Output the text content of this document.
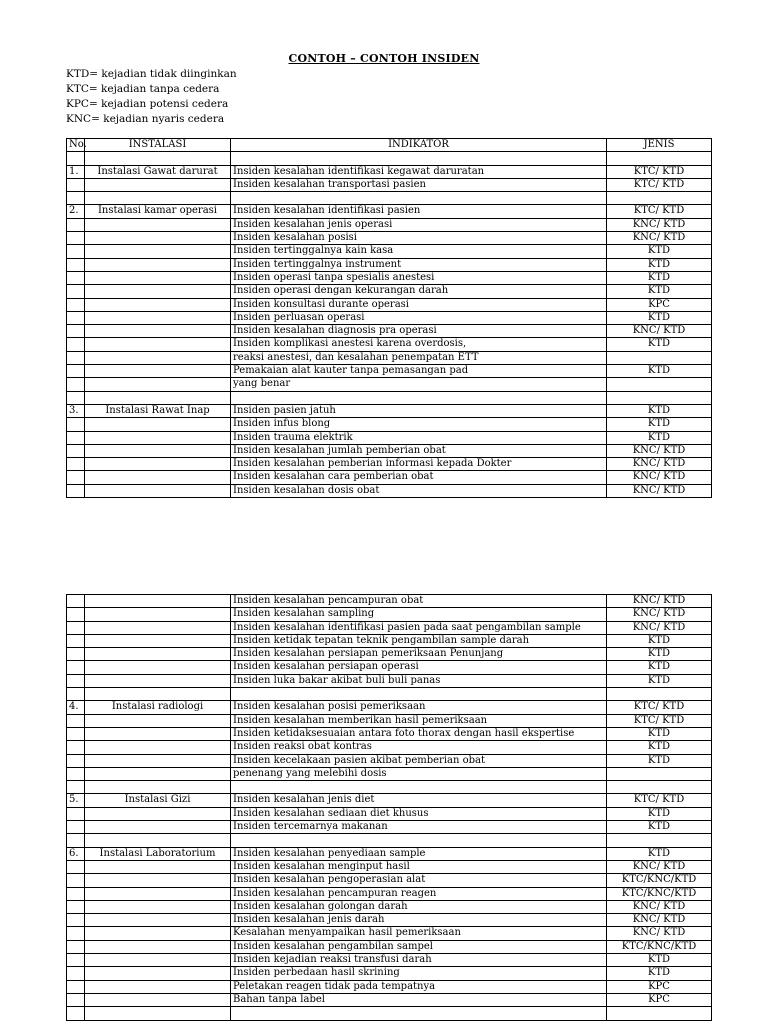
CONTOH – CONTOH INSIDEN
KTD= kejadian tidak diinginkan
KTC= kejadian tanpa cedera
KPC= kejadian potensi cedera
KNC= kejadian nyaris cedera
No.	INSTALASI	INDIKATOR	JENIS

1.	Instalasi Gawat darurat	Insiden kesalahan identifikasi kegawat daruratan	KTC/ KTD
		Insiden kesalahan transportasi pasien	KTC/ KTD

2.	Instalasi kamar operasi	Insiden kesalahan identifikasi pasien	KTC/ KTD
		Insiden kesalahan jenis operasi	KNC/ KTD
		Insiden kesalahan posisi	KNC/ KTD
		Insiden tertinggalnya kain kasa	KTD
		Insiden tertinggalnya instrument	KTD
		Insiden operasi tanpa spesialis anestesi	KTD
		Insiden operasi dengan kekurangan darah	KTD
		Insiden konsultasi durante operasi	KPC
		Insiden perluasan operasi	KTD
		Insiden kesalahan diagnosis pra operasi	KNC/ KTD
		Insiden komplikasi anestesi karena overdosis,	KTD
		reaksi anestesi, dan kesalahan penempatan ETT	
		Pemakaian alat kauter tanpa pemasangan pad	KTD
		yang benar	

3.	Instalasi Rawat Inap	Insiden pasien jatuh	KTD
		Insiden infus blong	KTD
		Insiden trauma elektrik	KTD
		Insiden kesalahan jumlah pemberian obat	KNC/ KTD
		Insiden kesalahan pemberian informasi kepada Dokter	KNC/ KTD
		Insiden kesalahan cara pemberian obat	KNC/ KTD
		Insiden kesalahan dosis obat	KNC/ KTD
		Insiden kesalahan pencampuran obat	KNC/ KTD
		Insiden kesalahan sampling	KNC/ KTD
		Insiden kesalahan identifikasi pasien pada saat pengambilan sample	KNC/ KTD
		Insiden ketidak tepatan teknik pengambilan sample darah	KTD
		Insiden kesalahan persiapan pemeriksaan Penunjang	KTD
		Insiden kesalahan persiapan operasi	KTD
		Insiden luka bakar akibat buli buli panas	KTD

4.	Instalasi radiologi	Insiden kesalahan posisi pemeriksaan	KTC/ KTD
		Insiden kesalahan memberikan hasil pemeriksaan	KTC/ KTD
		Insiden ketidaksesuaian antara foto thorax dengan hasil ekspertise	KTD
		Insiden reaksi obat kontras	KTD
		Insiden kecelakaan pasien akibat pemberian obat	KTD
		penenang yang melebihi dosis	

5.	Instalasi Gizi	Insiden kesalahan jenis diet	KTC/ KTD
		Insiden kesalahan sediaan diet khusus	KTD
		Insiden tercemarnya makanan	KTD

6.	Instalasi Laboratorium	Insiden kesalahan penyediaan sample	KTD
		Insiden kesalahan menginput hasil	KNC/ KTD
		Insiden kesalahan pengoperasian alat	KTC/KNC/KTD
		Insiden kesalahan pencampuran reagen	KTC/KNC/KTD
		Insiden kesalahan golongan darah	KNC/ KTD
		Insiden kesalahan jenis darah	KNC/ KTD
		Kesalahan menyampaikan hasil pemeriksaan	KNC/ KTD
		Insiden kesalahan pengambilan sampel	KTC/KNC/KTD
		Insiden kejadian reaksi transfusi darah	KTD
		Insiden perbedaan hasil skrining	KTD
		Peletakan reagen tidak pada tempatnya	KPC
		Bahan tanpa label	KPC
